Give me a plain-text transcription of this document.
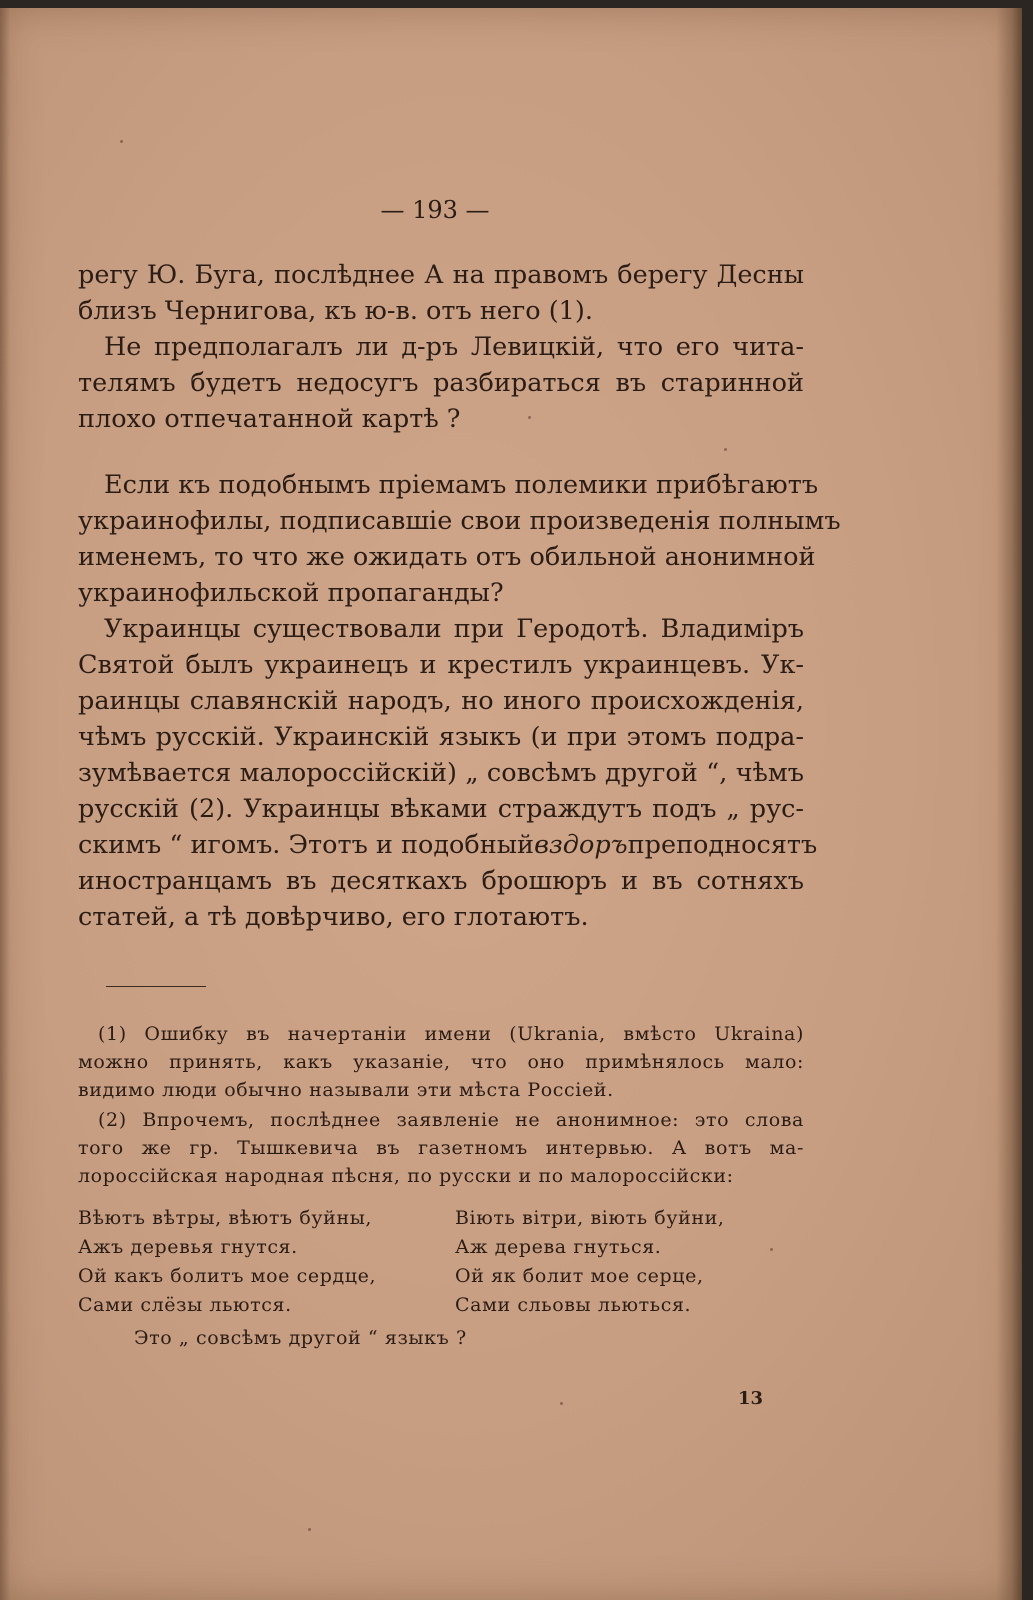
— 193 —
регу Ю. Буга, послѣднее А на правомъ берегу Десны
близъ Чернигова, къ ю-в. отъ него (1).
Не предполагалъ ли д-ръ Левицкій, что его чита-
телямъ будетъ недосугъ разбираться въ старинной
плохо отпечатанной картѣ ?
Если къ подобнымъ пріемамъ полемики прибѣгаютъ
украинофилы, подписавшіе свои произведенія полнымъ
именемъ, то что же ожидать отъ обильной анонимной
украинофильской пропаганды?
Украинцы существовали при Геродотѣ. Владиміръ
Святой былъ украинецъ и крестилъ украинцевъ. Ук-
раинцы славянскій народъ, но иного происхожденія,
чѣмъ русскій. Украинскій языкъ (и при этомъ подра-
зумѣвается малороссійскій) „ совсѣмъ другой “, чѣмъ
русскій (2). Украинцы вѣками страждутъ подъ „ рус-
скимъ “ игомъ. Этотъ и подобный вздоръ преподносятъ
иностранцамъ въ десяткахъ брошюръ и въ сотняхъ
статей, а тѣ довѣрчиво, его глотаютъ.
(1) Ошибку въ начертаніи имени (Ukrania, вмѣсто Ukraina)
можно принять, какъ указаніе, что оно примѣнялось мало:
видимо люди обычно называли эти мѣста Россіей.
(2) Впрочемъ, послѣднее заявленіе не анонимное: это слова
того же гр. Тышкевича въ газетномъ интервью. А вотъ ма-
лороссійская народная пѣсня, по русски и по малороссійски:
Вѣютъ вѣтры, вѣютъ буйны,
Ажъ деревья гнутся.
Ой какъ болитъ мое сердце,
Сами слёзы льются.
Віють вітри, віють буйни,
Аж дерева гнуться.
Ой як болит мое серце,
Сами сльовы льються.
Это „ совсѣмъ другой “ языкъ ?
13
